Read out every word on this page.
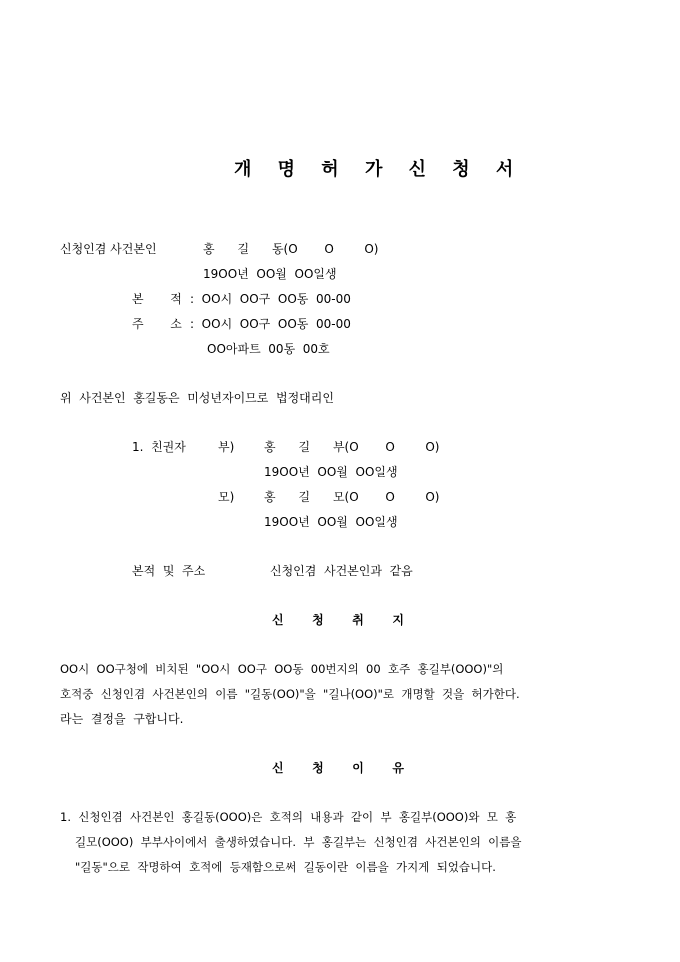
개 명 허 가 신 청 서
신청인겸 사건본인	홍      길      동(O       O        O)
19OO년  OO월  OO일생
본       적 :  OO시  OO구  OO동  00-00
주       소 :  OO시  OO구  OO동  00-00
OO아파트  00동  00호
위  사건본인  홍길동은  미성년자이므로  법정대리인
1.  친권자	부) 홍      길      부(O       O        O)
19OO년  OO월  OO일생
모) 홍      길      모(O       O        O)
19OO년  OO월  OO일생
본적  및  주소	신청인겸  사건본인과  같음
신   청   취   지
OO시  OO구청에  비치된  "OO시  OO구  OO동  00번지의  00  호주  홍길부(OOO)"의
호적중  신청인겸  사건본인의  이름  "길동(OO)"을  "길나(OO)"로  개명할  것을  허가한다.
라는  결정을  구합니다.
신   청   이   유
1.  신청인겸  사건본인  홍길동(OOO)은  호적의  내용과  같이  부  홍길부(OOO)와  모  홍
길모(OOO)  부부사이에서  출생하였습니다.  부  홍길부는  신청인겸  사건본인의  이름을
"길동"으로  작명하여  호적에  등재함으로써  길동이란  이름을  가지게  되었습니다.
